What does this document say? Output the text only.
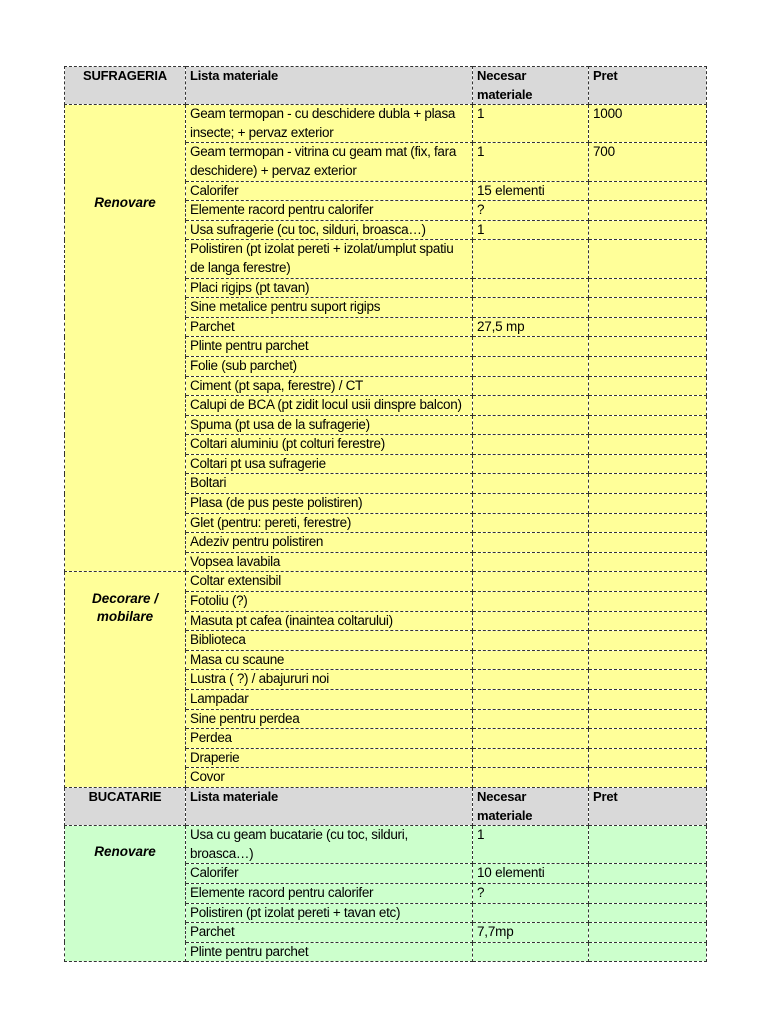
SUFRAGERIA	Lista materiale	Necesar materiale	Pret

Renovare	Geam termopan - cu deschidere dubla + plasa insecte; + pervaz exterior	1	1000
	Geam termopan - vitrina cu geam mat (fix, fara deschidere) + pervaz exterior	1	700
	Calorifer	15 elementi	
	Elemente racord pentru calorifer	?	
	Usa sufragerie (cu toc, silduri, broasca…)	1	
	Polistiren (pt izolat pereti + izolat/umplut spatiu de langa ferestre)		
	Placi rigips (pt tavan)		
	Sine metalice pentru suport rigips		
	Parchet	27,5 mp	
	Plinte pentru parchet		
	Folie (sub parchet)		
	Ciment (pt sapa, ferestre) / CT		
	Calupi de BCA (pt zidit locul usii dinspre balcon)		
	Spuma (pt usa de la sufragerie)		
	Coltari aluminiu (pt colturi ferestre)		
	Coltari pt usa sufragerie		
	Boltari		
	Plasa (de pus peste polistiren)		
	Glet (pentru: pereti, ferestre)		
	Adeziv pentru polistiren		
	Vopsea lavabila		

Decorare / mobilare	Coltar extensibil		
	Fotoliu (?)		
	Masuta pt cafea (inaintea coltarului)		
	Biblioteca		
	Masa cu scaune		
	Lustra ( ?) / abajururi noi		
	Lampadar		
	Sine pentru perdea		
	Perdea		
	Draperie		
	Covor		
BUCATARIE	Lista materiale	Necesar materiale	Pret

Renovare	Usa cu geam bucatarie (cu toc, silduri, broasca…)	1	
	Calorifer	10 elementi	
	Elemente racord pentru calorifer	?	
	Polistiren (pt izolat pereti + tavan etc)		
	Parchet	7,7mp	
	Plinte pentru parchet		
